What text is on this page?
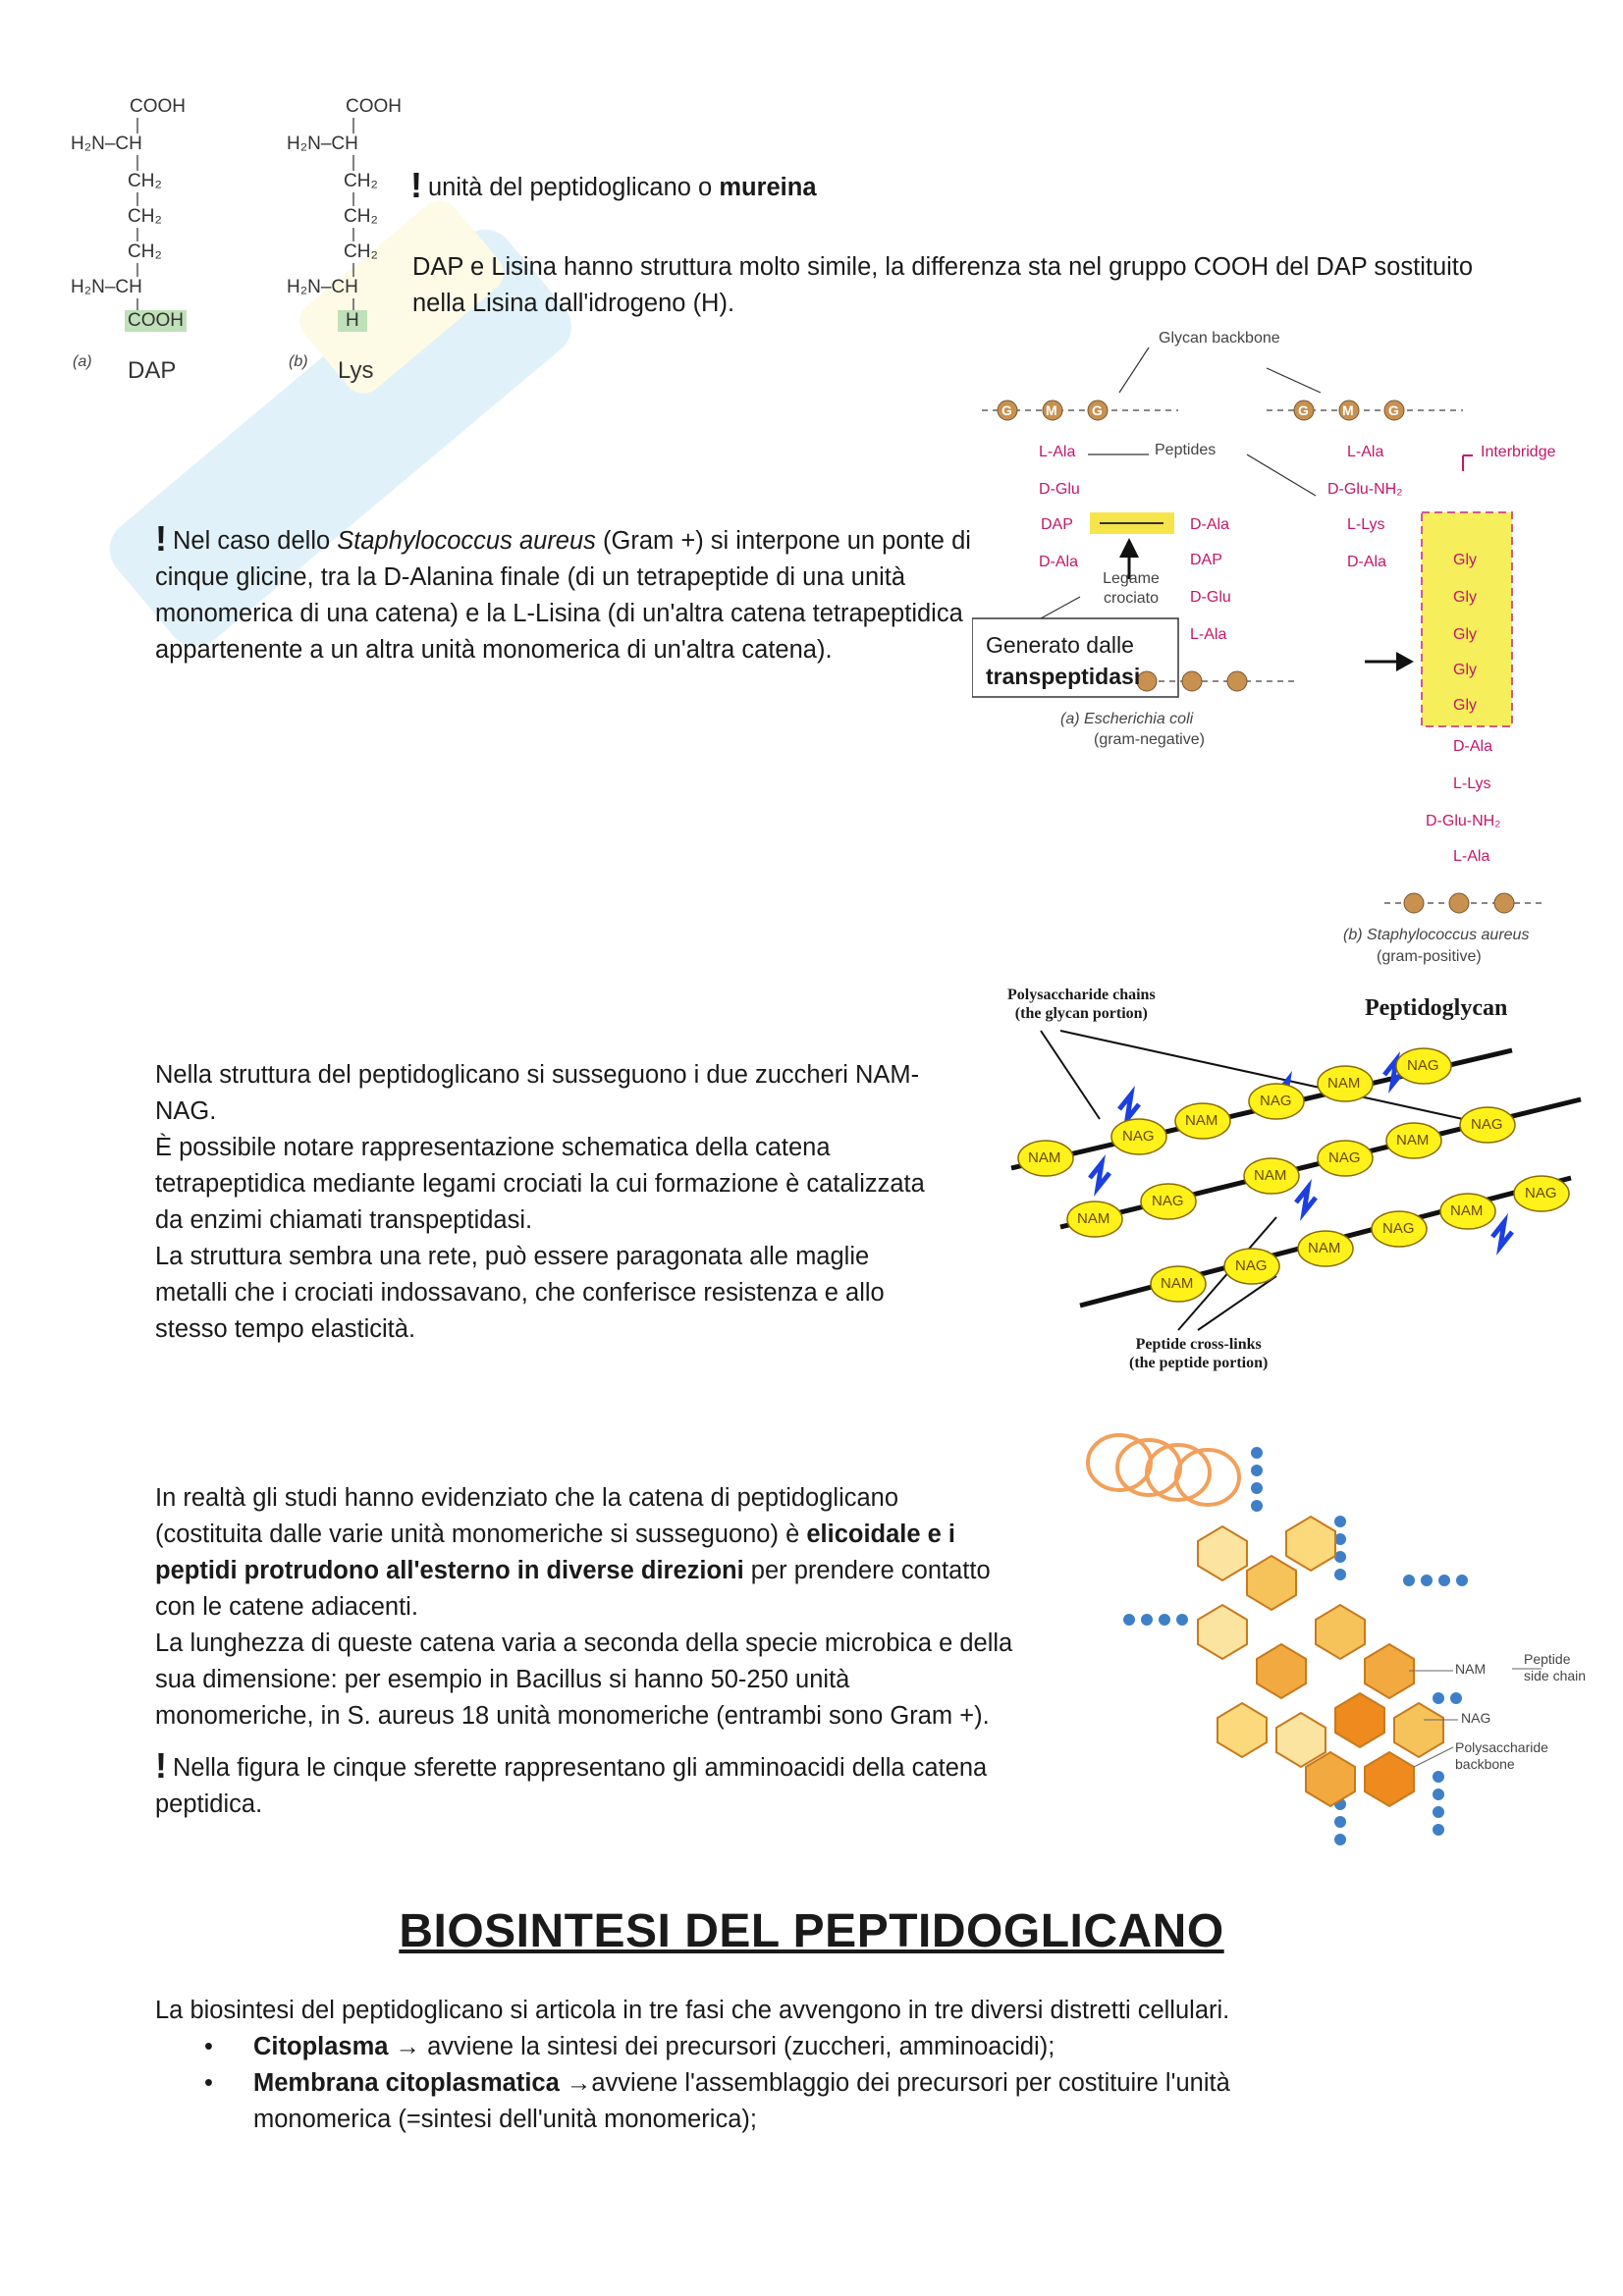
COOH
H₂N–CH
CH₂
CH₂
CH₂
H₂N–CH
COOH
(a) DAP
COOH
H₂N–CH
CH₂
CH₂
CH₂
H₂N–CH
H
(b) Lys
! unità del peptidoglicano o mureina
DAP e Lisina hanno struttura molto simile, la differenza sta nel gruppo COOH del DAP sostituito nella Lisina dall'idrogeno (H).
! Nel caso dello Staphylococcus aureus (Gram +) si interpone un ponte di cinque glicine, tra la D-Alanina finale (di un tetrapeptide di una unità monomerica di una catena) e la L-Lisina (di un'altra catena tetrapeptidica appartenente a un altra unità monomerica di un'altra catena).
Glycan backbone
Peptides	Interbridge
G M	G	G M	G
L-Ala
D-Glu
DAP
D-Ala
D-Ala
DAP
D-Glu
L-Ala
Legame crociato
Generato dalle
transpeptidasi
(a) Escherichia coli
(gram-negative)
L-Ala
D-Glu-NH₂
L-Lys
D-Ala	Gly
Gly
Gly
Gly
Gly
D-Ala
L-Lys
D-Glu-NH₂
L-Ala
(b) Staphylococcus aureus
(gram-positive)
Nella struttura del peptidoglicano si susseguono i due zuccheri NAM-
NAG.
È possibile notare rappresentazione schematica della catena
tetrapeptidica mediante legami crociati la cui formazione è catalizzata
da enzimi chiamati transpeptidasi.
La struttura sembra una rete, può essere paragonata alle maglie
metalli che i crociati indossavano, che conferisce resistenza e allo
stesso tempo elasticità.
Polysaccharide chains
(the glycan portion)	Peptidoglycan
Peptide cross-links
(the peptide portion)
NAM
NAG
NAM
NAG
NAM
NAG
NAM
NAG
NAM
NAG
NAM
NAG
NAM
NAG
NAM
NAG
NAM
NAG
In realtà gli studi hanno evidenziato che la catena di peptidoglicano
(costituita dalle varie unità monomeriche si susseguono) è elicoidale e i
peptidi protrudono all'esterno in diverse direzioni per prendere contatto
con le catene adiacenti.
La lunghezza di queste catena varia a seconda della specie microbica e della
sua dimensione: per esempio in Bacillus si hanno 50-250 unità
monomeriche, in S. aureus 18 unità monomeriche (entrambi sono Gram +).
! Nella figura le cinque sferette rappresentano gli amminoacidi della catena
peptidica.
NAM
Peptide
side chain
NAG
Polysaccharide
backbone
BIOSINTESI DEL PEPTIDOGLICANO
La biosintesi del peptidoglicano si articola in tre fasi che avvengono in tre diversi distretti cellulari.
• Citoplasma → avviene la sintesi dei precursori (zuccheri, amminoacidi);
• Membrana citoplasmatica →avviene l'assemblaggio dei precursori per costituire l'unità
monomerica (=sintesi dell'unità monomerica);
